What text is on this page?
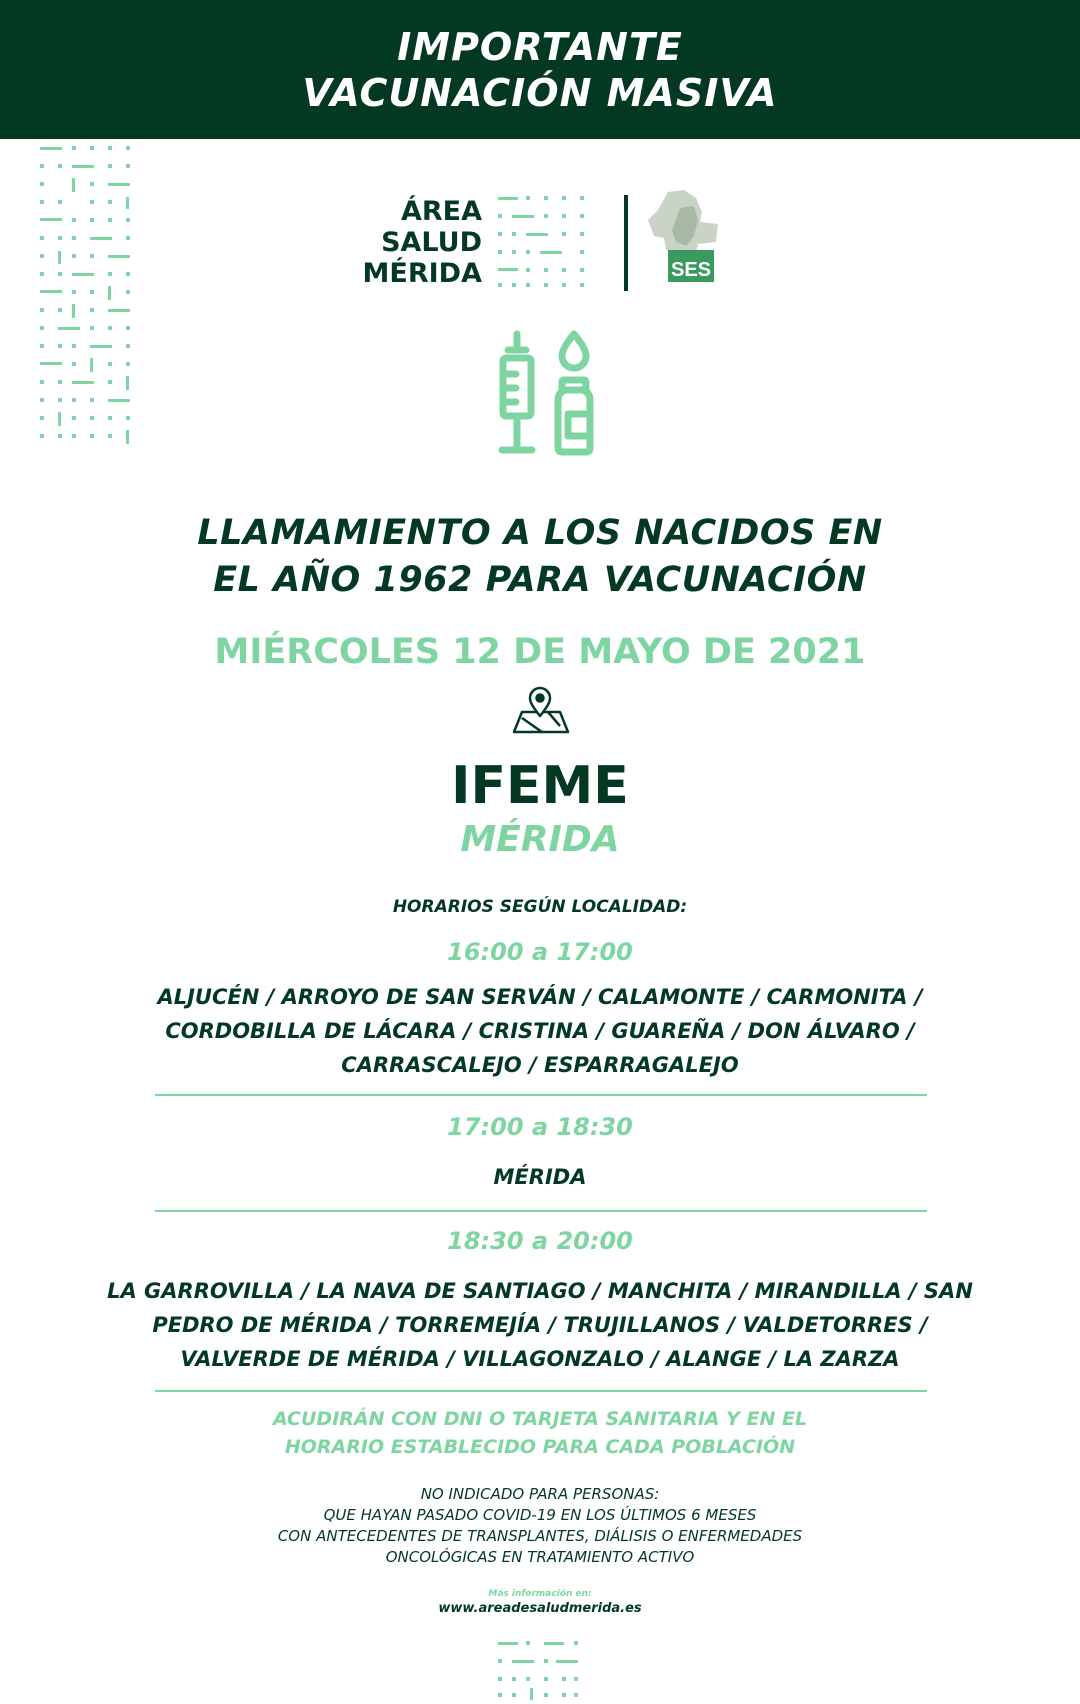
IMPORTANTE
VACUNACIÓN MASIVA
ÁREA
SALUD
MÉRIDA	SES
LLAMAMIENTO A LOS NACIDOS EN
EL AÑO 1962 PARA VACUNACIÓN
MIÉRCOLES 12 DE MAYO DE 2021
IFEME
MÉRIDA
HORARIOS SEGÚN LOCALIDAD:
16:00 a 17:00
ALJUCÉN / ARROYO DE SAN SERVÁN / CALAMONTE / CARMONITA /
CORDOBILLA DE LÁCARA / CRISTINA / GUAREÑA / DON ÁLVARO /
CARRASCALEJO / ESPARRAGALEJO
17:00 a 18:30
MÉRIDA
18:30 a 20:00
LA GARROVILLA / LA NAVA DE SANTIAGO / MANCHITA / MIRANDILLA / SAN
PEDRO DE MÉRIDA / TORREMEJÍA / TRUJILLANOS / VALDETORRES /
VALVERDE DE MÉRIDA / VILLAGONZALO / ALANGE / LA ZARZA
ACUDIRÁN CON DNI O TARJETA SANITARIA Y EN EL
HORARIO ESTABLECIDO PARA CADA POBLACIÓN
NO INDICADO PARA PERSONAS:
QUE HAYAN PASADO COVID-19 EN LOS ÚLTIMOS 6 MESES
CON ANTECEDENTES DE TRANSPLANTES, DIÁLISIS O ENFERMEDADES
ONCOLÓGICAS EN TRATAMIENTO ACTIVO
Más información en:
www.areadesaludmerida.es
